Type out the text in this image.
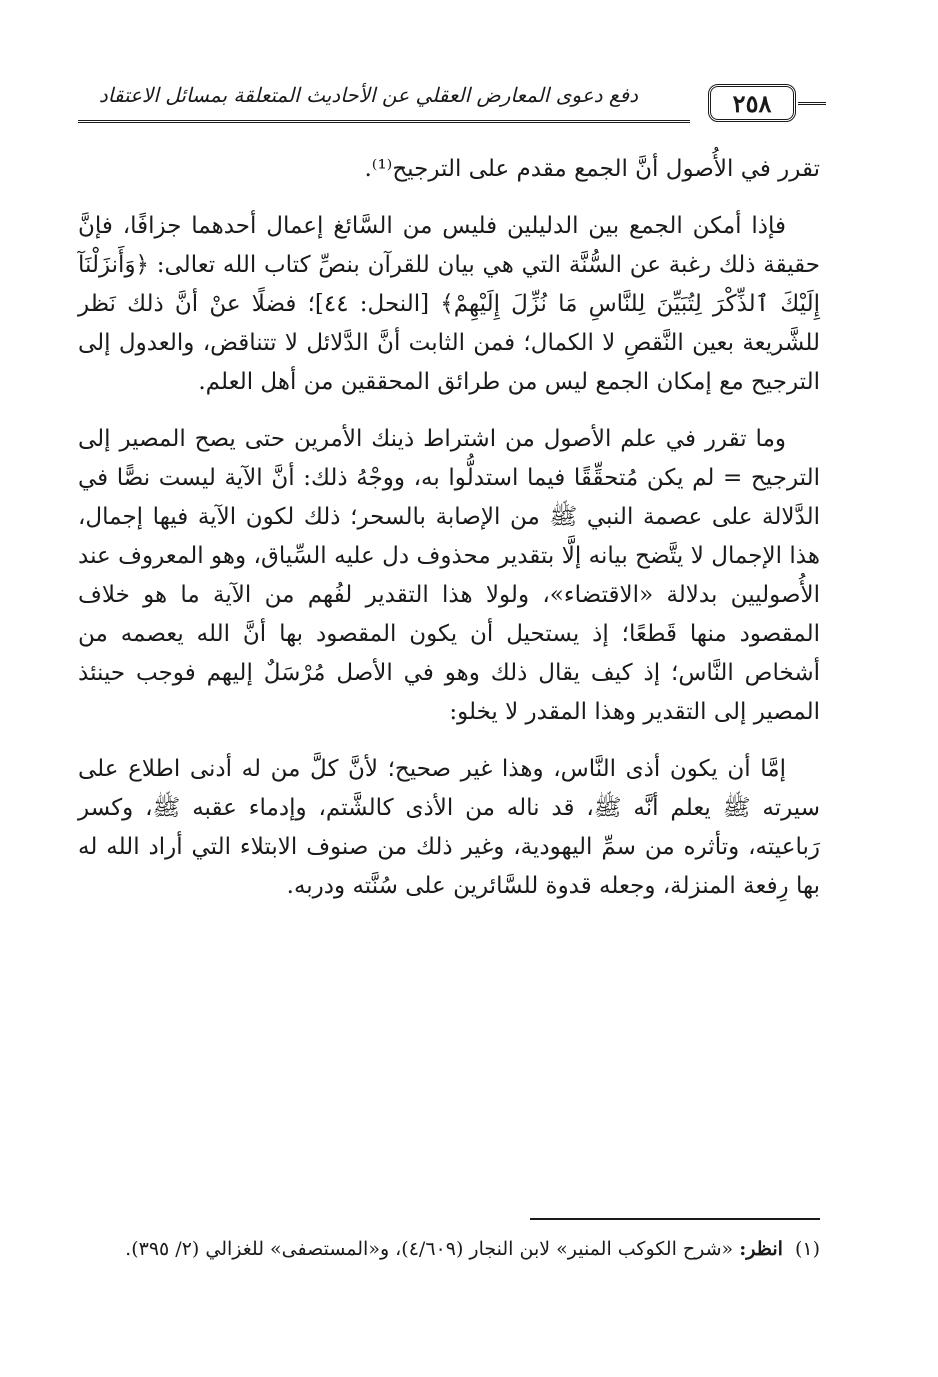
دفع دعوى المعارض العقلي عن الأحاديث المتعلقة بمسائل الاعتقاد	٢٥٨

تقرر في الأُصول أنَّ الجمع مقدم على الترجيح⁽¹⁾.

فإذا أمكن الجمع بين الدليلين فليس من السَّائغ إعمال أحدهما جزافًا، فإنَّ حقيقة ذلك رغبة عن السُّنَّة التي هي بيان للقرآن بنصِّ كتاب الله تعالى: ﴿وَأَنزَلْنَآ إِلَيْكَ ٱلذِّكْرَ لِتُبَيِّنَ لِلنَّاسِ مَا نُزِّلَ إِلَيْهِمْ﴾ [النحل: ٤٤]؛ فضلًا عنْ أنَّ ذلك نَظر للشَّريعة بعين النَّقصِ لا الكمال؛ فمن الثابت أنَّ الدَّلائل لا تتناقض، والعدول إلى الترجيح مع إمكان الجمع ليس من طرائق المحققين من أهل العلم.

وما تقرر في علم الأصول من اشتراط ذينك الأمرين حتى يصح المصير إلى الترجيح = لم يكن مُتحقِّقًا فيما استدلُّوا به، ووجْهُ ذلك: أنَّ الآية ليست نصًّا في الدَّلالة على عصمة النبي ﷺ من الإصابة بالسحر؛ ذلك لكون الآية فيها إجمال، هذا الإجمال لا يتَّضح بيانه إلَّا بتقدير محذوف دل عليه السِّياق، وهو المعروف عند الأُصوليين بدلالة «الاقتضاء»، ولولا هذا التقدير لفُهم من الآية ما هو خلاف المقصود منها قَطعًا؛ إذ يستحيل أن يكون المقصود بها أنَّ الله يعصمه من أشخاص النَّاس؛ إذ كيف يقال ذلك وهو في الأصل مُرْسَلٌ إليهم فوجب حينئذ المصير إلى التقدير وهذا المقدر لا يخلو:

إمَّا أن يكون أذى النَّاس، وهذا غير صحيح؛ لأنَّ كلَّ من له أدنى اطلاع على سيرته ﷺ يعلم أنَّه ﷺ، قد ناله من الأذى كالشَّتم، وإدماء عقبه ﷺ، وكسر رَباعيته، وتأثره من سمِّ اليهودية، وغير ذلك من صنوف الابتلاء التي أراد الله له بها رِفعة المنزلة، وجعله قدوة للسَّائرين على سُنَّته ودربه.

(١) انظر: «شرح الكوكب المنير» لابن النجار (٤/٦٠٩)، و«المستصفى» للغزالي (٢/ ٣٩٥).
